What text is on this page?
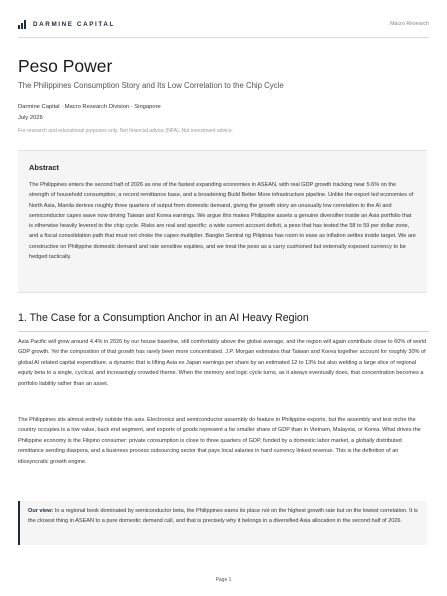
DARMINE CAPITAL	Macro Research
Peso Power
The Philippines Consumption Story and Its Low Correlation to the Chip Cycle
Darmine Capital · Macro Research Division · Singapore
July 2026
For research and educational purposes only. Not financial advice (NFA). Not investment advice.
Abstract

The Philippines enters the second half of 2026 as one of the fastest expanding economies in ASEAN, with real GDP growth tracking near 5.6% on the strength of household consumption, a record remittance base, and a broadening Build Better More infrastructure pipeline. Unlike the export led economies of North Asia, Manila derives roughly three quarters of output from domestic demand, giving the growth story an unusually low correlation to the AI and semiconductor capex wave now driving Taiwan and Korea earnings. We argue this makes Philippine assets a genuine diversifier inside an Asia portfolio that is otherwise heavily levered to the chip cycle. Risks are real and specific: a wide current account deficit, a peso that has tested the 58 to 59 per dollar zone, and a fiscal consolidation path that must not choke the capex multiplier. Bangko Sentral ng Pilipinas has room to ease as inflation settles inside target. We are constructive on Philippine domestic demand and rate sensitive equities, and we treat the peso as a carry cushioned but externally exposed currency to be hedged tactically.

1. The Case for a Consumption Anchor in an AI Heavy Region

Asia Pacific will grow around 4.4% in 2026 by our house baseline, still comfortably above the global average, and the region will again contribute close to 60% of world GDP growth. Yet the composition of that growth has rarely been more concentrated. J.P. Morgan estimates that Taiwan and Korea together account for roughly 30% of global AI related capital expenditure, a dynamic that is lifting Asia ex Japan earnings per share by an estimated 12 to 13% but also welding a large slice of regional equity beta to a single, cyclical, and increasingly crowded theme. When the memory and logic cycle turns, as it always eventually does, that concentration becomes a portfolio liability rather than an asset.

The Philippines sits almost entirely outside this axis. Electronics and semiconductor assembly do feature in Philippine exports, but the assembly and test niche the country occupies is a low value, back end segment, and exports of goods represent a far smaller share of GDP than in Vietnam, Malaysia, or Korea. What drives the Philippine economy is the Filipino consumer: private consumption is close to three quarters of GDP, funded by a domestic labor market, a globally distributed remittance sending diaspora, and a business process outsourcing sector that pays local salaries in hard currency linked revenue. This is the definition of an idiosyncratic growth engine.

Our view: In a regional book dominated by semiconductor beta, the Philippines earns its place not on the highest growth rate but on the lowest correlation. It is the closest thing in ASEAN to a pure domestic demand call, and that is precisely why it belongs in a diversified Asia allocation in the second half of 2026.

Page 1
